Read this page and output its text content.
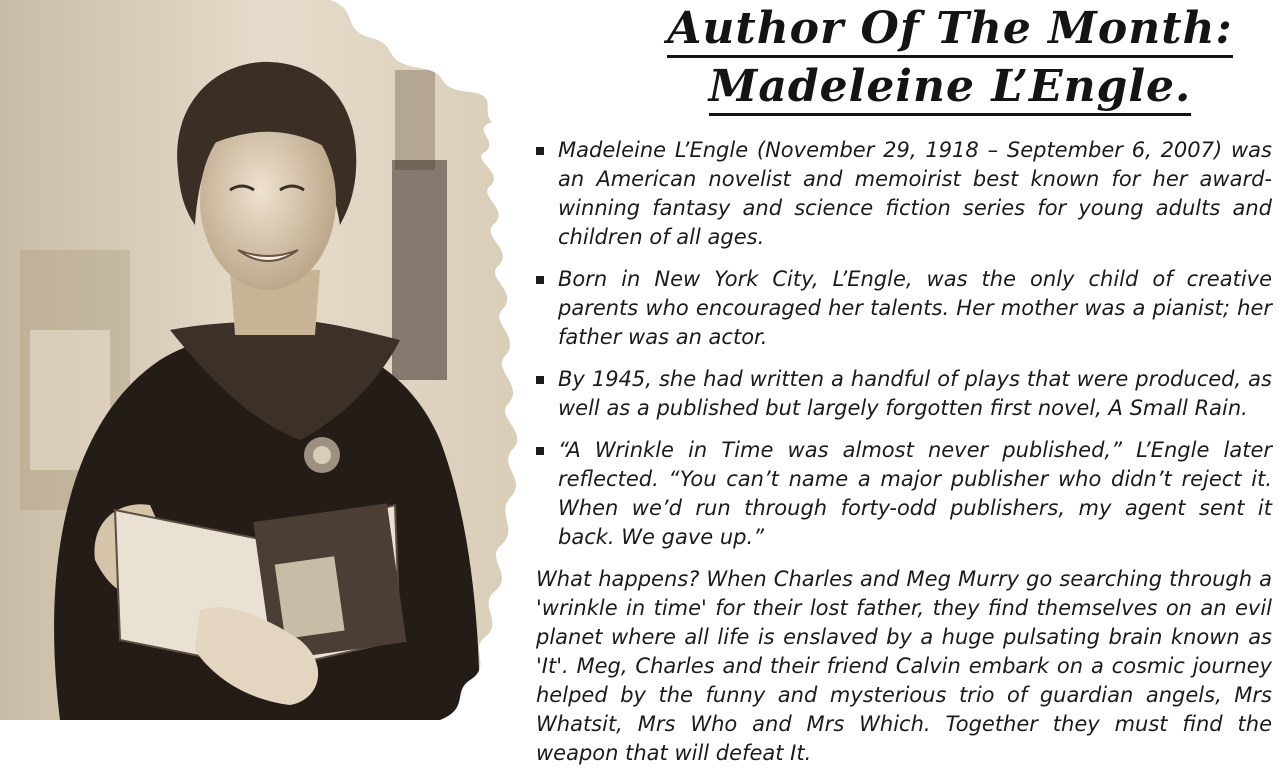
Author Of The Month:
Madeleine L’Engle.
Madeleine L’Engle (November 29, 1918 – September 6, 2007) was an American novelist and memoirist best known for her award-winning fantasy and science fiction series for young adults and children of all ages.
Born in New York City, L’Engle, was the only child of creative parents who encouraged her talents. Her mother was a pianist; her father was an actor.
By 1945, she had written a handful of plays that were produced, as well as a published but largely forgotten first novel, A Small Rain.
“A Wrinkle in Time was almost never published,” L’Engle later reflected. “You can’t name a major publisher who didn’t reject it. When we’d run through forty-odd publishers, my agent sent it back. We gave up.”

What happens? When Charles and Meg Murry go searching through a 'wrinkle in time' for their lost father, they find themselves on an evil planet where all life is enslaved by a huge pulsating brain known as 'It'. Meg, Charles and their friend Calvin embark on a cosmic journey helped by the funny and mysterious trio of guardian angels, Mrs Whatsit, Mrs Who and Mrs Which. Together they must find the weapon that will defeat It.
